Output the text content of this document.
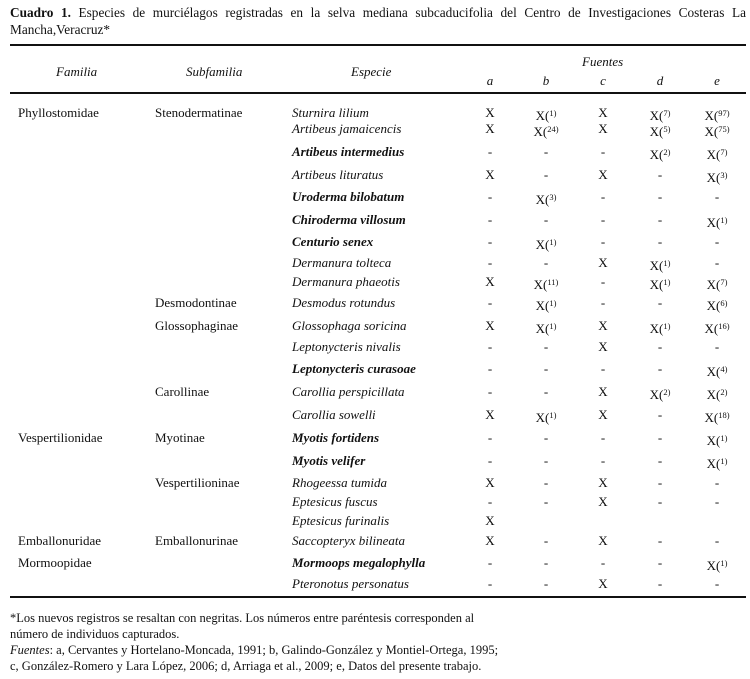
Cuadro 1. Especies de murciélagos registradas en la selva mediana subcaducifolia del Centro de Investigaciones Costeras La Mancha,Veracruz*
Familia	Subfamilia	Especie
Fuentes
a	b	c	d	e
Phyllostomidae	Stenodermatinae	Sturnira lilium	X	X(1)	X	X(7)	X(97)
Artibeus jamaicencis	X	X(24)	X	X(5)	X(75)
Artibeus intermedius	-	-	-	X(2)	X(7)
Artibeus lituratus	X	-	X	-	X(3)
Uroderma bilobatum	-	X(3)	-	-	-
Chiroderma villosum	-	-	-	-	X(1)
Centurio senex	-	X(1)	-	-	-
Dermanura tolteca	-	-	X	X(1)	-
Dermanura phaeotis	X	X(11)	-	X(1)	X(7)
Desmodontinae	Desmodus rotundus	-	X(1)	-	-	X(6)
Glossophaginae	Glossophaga soricina	X	X(1)	X	X(1)	X(16)
Leptonycteris nivalis	-	-	X	-	-
Leptonycteris curasoae	-	-	-	-	X(4)
Carollinae	Carollia perspicillata	-	-	X	X(2)	X(2)
Carollia sowelli	X	X(1)	X	-	X(18)
Vespertilionidae	Myotinae	Myotis fortidens	-	-	-	-	X(1)
Myotis velifer	-	-	-	-	X(1)
Vespertilioninae	Rhogeessa tumida	X	-	X	-	-
Eptesicus fuscus	-	-	X	-	-
Eptesicus furinalis	X
Emballonuridae	Emballonurinae	Saccopteryx bilineata	X	-	X	-	-
Mormoopidae	Mormoops megalophylla	-	-	-	-	X(1)
Pteronotus personatus	-	-	X	-	-
*Los nuevos registros se resaltan con negritas. Los números entre paréntesis corresponden al
número de individuos capturados.
Fuentes: a, Cervantes y Hortelano-Moncada, 1991; b, Galindo-González y Montiel-Ortega, 1995;
c, González-Romero y Lara López, 2006; d, Arriaga et al., 2009; e, Datos del presente trabajo.
